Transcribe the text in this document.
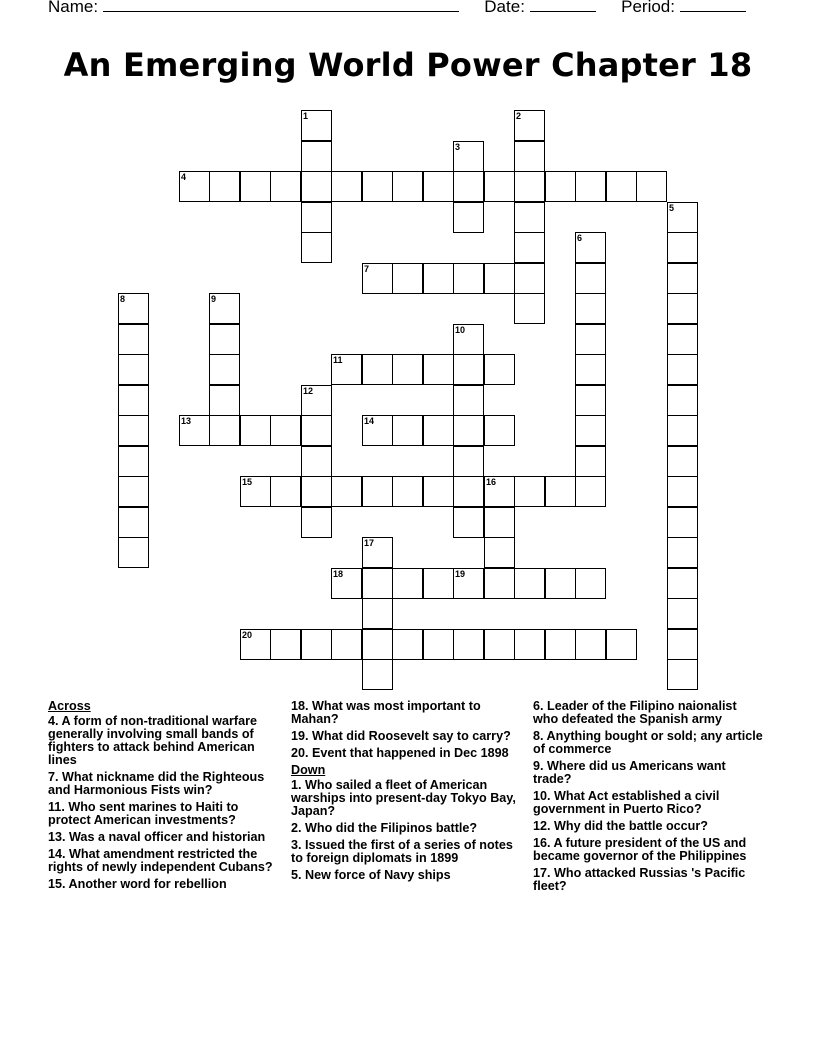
Name:	Date:	Period:
An Emerging World Power Chapter 18
1	2
3
4
5
6
7
8	9
10
11
12
13	14
15	16
17
18	19
20
Across
4. A form of non-traditional warfare generally involving small bands of fighters to attack behind American lines
7. What nickname did the Righteous and Harmonious Fists win?
11. Who sent marines to Haiti to protect American investments?
13. Was a naval officer and historian
14. What amendment restricted the rights of newly independent Cubans?
15. Another word for rebellion
18. What was most important to Mahan?
19. What did Roosevelt say to carry?
20. Event that happened in Dec 1898
Down
1. Who sailed a fleet of American warships into present-day Tokyo Bay, Japan?
2. Who did the Filipinos battle?
3. Issued the first of a series of notes to foreign diplomats in 1899
5. New force of Navy ships
6. Leader of the Filipino naionalist who defeated the Spanish army
8. Anything bought or sold; any article of commerce
9. Where did us Americans want trade?
10. What Act established a civil government in Puerto Rico?
12. Why did the battle occur?
16. A future president of the US and became governor of the Philippines
17. Who attacked Russias 's Pacific fleet?
